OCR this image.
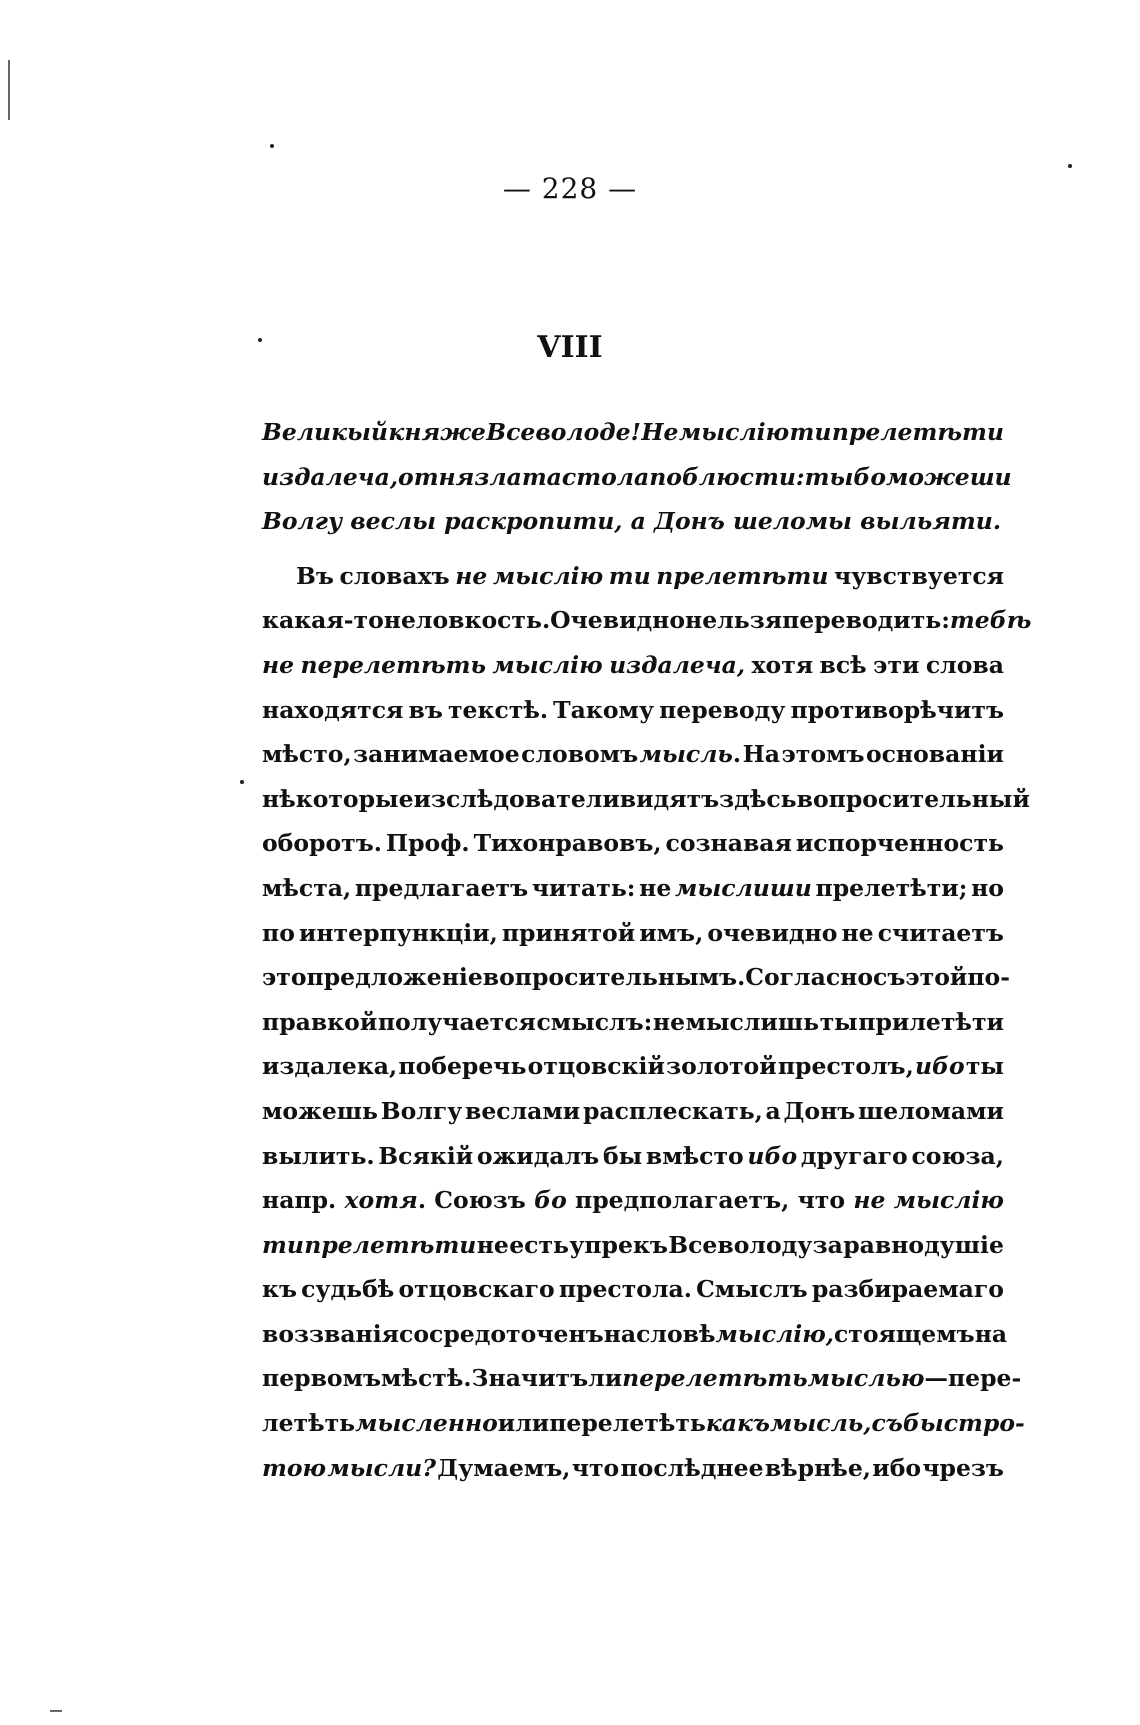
— 228 —
VIII
Великый княже Всеволоде! Не мыслію ти прелетѣти
издалеча, отня злата стола поблюсти: ты бо можеши
Волгу веслы раскропити, а Донъ шеломы выльяти.
Въ словахъ не мыслію ти прелетѣти чувствуется
какая-то неловкость. Очевидно нельзя переводить: тебѣ
не перелетѣть мыслію издалеча, хотя всѣ эти слова
находятся въ текстѣ. Такому переводу противорѣчитъ
мѣсто, занимаемое словомъ мысль. На этомъ основаніи
нѣкоторые изслѣдователи видятъ здѣсь вопросительный
оборотъ. Проф. Тихонравовъ, сознавая испорченность
мѣста, предлагаетъ читать: не мыслиши прелетѣти; но
по интерпункціи, принятой имъ, очевидно не считаетъ
это предложеніе вопросительнымъ. Согласно съ этой по-
правкой получается смыслъ: не мыслишь ты прилетѣти
издалека, поберечь отцовскій золотой престолъ, ибо ты
можешь Волгу веслами расплескать, а Донъ шеломами
вылить. Всякій ожидалъ бы вмѣсто ибо другаго союза,
напр. хотя. Союзъ бо предполагаетъ, что не мыслію
ти прелетѣти не есть упрекъ Всеволоду за равнодушіе
къ судьбѣ отцовскаго престола. Смыслъ разбираемаго
воззванія сосредоточенъ на словѣ мыслію, стоящемъ на
первомъ мѣстѣ. Значитъ ли перелетѣть мыслью—пере-
летѣть мысленно или перелетѣть какъ мысль, съ быстро-
тою мысли? Думаемъ, что послѣднее вѣрнѣе, ибо чрезъ
